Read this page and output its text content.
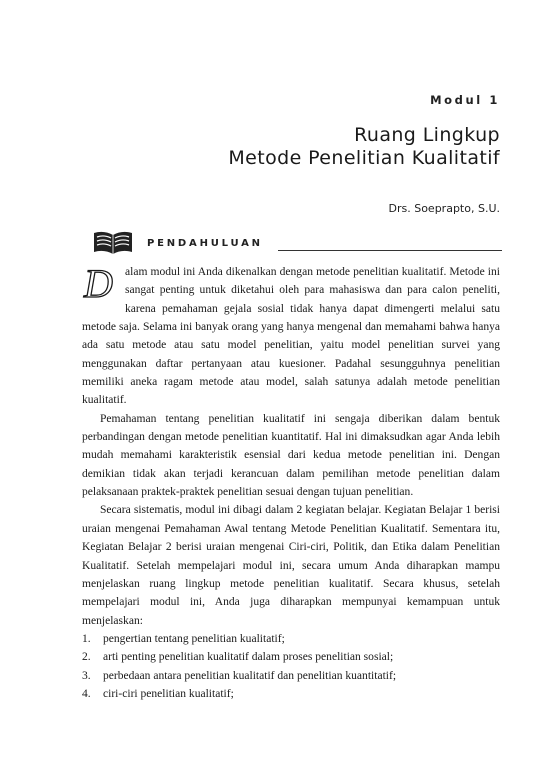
Modul 1
Ruang Lingkup
Metode Penelitian Kualitatif
Drs. Soeprapto, S.U.
PENDAHULUAN

D alam modul ini Anda dikenalkan dengan metode penelitian kualitatif. Metode ini sangat penting untuk diketahui oleh para mahasiswa dan para calon peneliti, karena pemahaman gejala sosial tidak hanya dapat dimengerti melalui satu metode saja. Selama ini banyak orang yang hanya mengenal dan memahami bahwa hanya ada satu metode atau satu model penelitian, yaitu model penelitian survei yang menggunakan daftar pertanyaan atau kuesioner. Padahal sesungguhnya penelitian memiliki aneka ragam metode atau model, salah satunya adalah metode penelitian kualitatif.

Pemahaman tentang penelitian kualitatif ini sengaja diberikan dalam bentuk perbandingan dengan metode penelitian kuantitatif. Hal ini dimaksudkan agar Anda lebih mudah memahami karakteristik esensial dari kedua metode penelitian ini. Dengan demikian tidak akan terjadi kerancuan dalam pemilihan metode penelitian dalam pelaksanaan praktek-praktek penelitian sesuai dengan tujuan penelitian.

Secara sistematis, modul ini dibagi dalam 2 kegiatan belajar. Kegiatan Belajar 1 berisi uraian mengenai Pemahaman Awal tentang Metode Penelitian Kualitatif. Sementara itu, Kegiatan Belajar 2 berisi uraian mengenai Ciri-ciri, Politik, dan Etika dalam Penelitian Kualitatif. Setelah mempelajari modul ini, secara umum Anda diharapkan mampu menjelaskan ruang lingkup metode penelitian kualitatif. Secara khusus, setelah mempelajari modul ini, Anda juga diharapkan mempunyai kemampuan untuk menjelaskan:

1. pengertian tentang penelitian kualitatif;
2. arti penting penelitian kualitatif dalam proses penelitian sosial;
3. perbedaan antara penelitian kualitatif dan penelitian kuantitatif;
4. ciri-ciri penelitian kualitatif;
